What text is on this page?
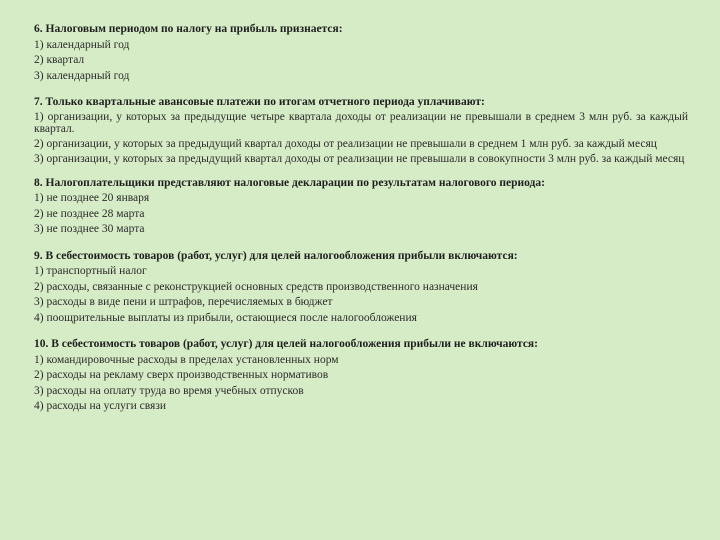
6. Налоговым периодом по налогу на прибыль признается:
1) календарный год
2) квартал
3) календарный год
7. Только квартальные авансовые платежи по итогам отчетного периода уплачивают:
1) организации, у которых за предыдущие четыре квартала доходы от реализации не превышали в среднем 3 млн руб. за каждый квартал.
2) организации, у которых за предыдущий квартал доходы от реализации не превышали в среднем 1 млн руб. за каждый месяц
3) организации, у которых за предыдущий квартал доходы от реализации не превышали в совокупности 3 млн руб. за каждый месяц
8. Налогоплательщики представляют налоговые декларации по результатам налогового периода:
1) не позднее 20 января
2) не позднее 28 марта
3) не позднее 30 марта
9. В себестоимость товаров (работ, услуг) для целей налогообложения прибыли включаются:
1) транспортный налог
2) расходы, связанные с реконструкцией основных средств производственного назначения
3) расходы в виде пени и штрафов, перечисляемых в бюджет
4) поощрительные выплаты из прибыли, остающиеся после налогообложения
10. В себестоимость товаров (работ, услуг) для целей налогообложения прибыли не включаются:
1) командировочные расходы в пределах установленных норм
2) расходы на рекламу сверх производственных нормативов
3) расходы на оплату труда во время учебных отпусков
4) расходы на услуги связи
